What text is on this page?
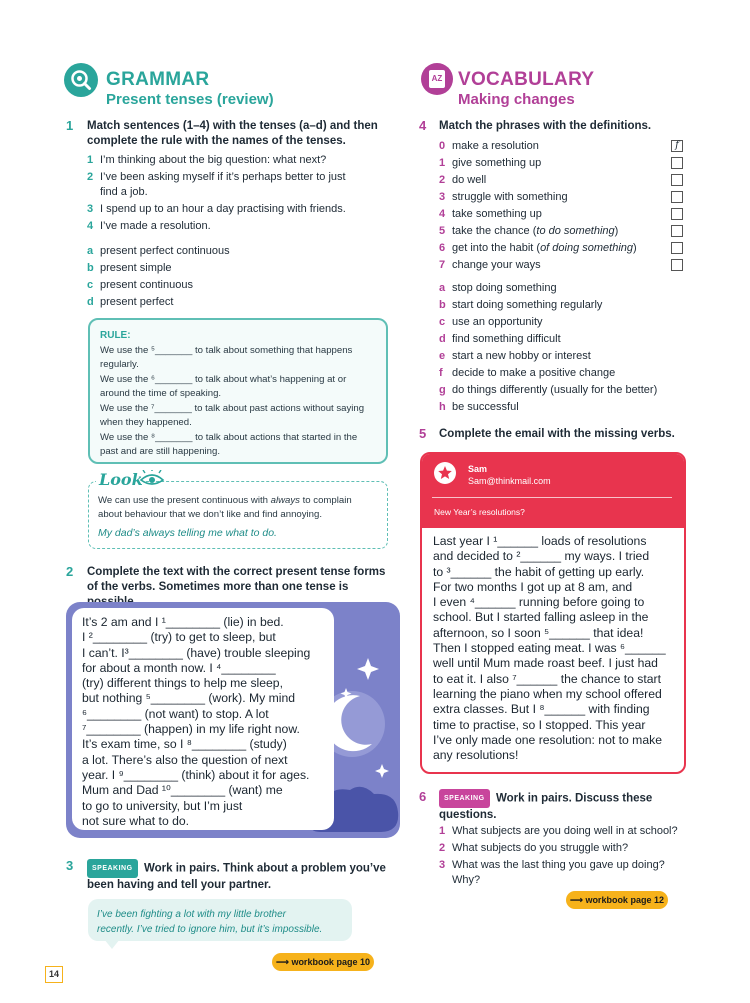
GRAMMAR
Present tenses (review)
1 Match sentences (1–4) with the tenses (a–d) and then
complete the rule with the names of the tenses.
1 I’m thinking about the big question: what next?
2 I’ve been asking myself if it’s perhaps better to just
find a job.
3 I spend up to an hour a day practising with friends.
4 I’ve made a resolution.
a present perfect continuous
b present simple
c present continuous
d present perfect
RULE:
We use the ⁵_______ to talk about something that happens
regularly.
We use the ⁶_______ to talk about what’s happening at or
around the time of speaking.
We use the ⁷_______ to talk about past actions without saying
when they happened.
We use the ⁸_______ to talk about actions that started in the
past and are still happening.
Look
We can use the present continuous with always to complain
about behaviour that we don’t like and find annoying.
My dad’s always telling me what to do.
2 Complete the text with the correct present tense forms
of the verbs. Sometimes more than one tense is
It’s 2 am and I ¹________ (lie) in bed.
I ²________ (try) to get to sleep, but
I can’t. I³________ (have) trouble sleeping
for about a month now. I ⁴________
(try) different things to help me sleep,
but nothing ⁵________ (work). My mind
⁶________ (not want) to stop. A lot
⁷________ (happen) in my life right now.
It’s exam time, so I ⁸________ (study)
a lot. There’s also the question of next
year. I ⁹________ (think) about it for ages.
Mum and Dad ¹⁰________ (want) me
to go to university, but I’m just
not sure what to do.
3	SPEAKING Work in pairs. Think about a problem you’ve
been having and tell your partner.
I’ve been fighting a lot with my little brother
recently. I’ve tried to ignore him, but it’s impossible.
⟶ workbook page 10
14
AZ VOCABULARY
Making changes
4 Match the phrases with the definitions.
0 make a resolution	f
1 give something up
2 do well
3 struggle with something
4 take something up
5 take the chance (to do something)
6 get into the habit (of doing something)
7 change your ways
a stop doing something
b start doing something regularly
c use an opportunity
d find something difficult
e start a new hobby or interest
f decide to make a positive change
g do things differently (usually for the better)
h be successful
5 Complete the email with the missing verbs.
Sam
Sam@thinkmail.com
New Year’s resolutions?
Last year I ¹______ loads of resolutions
and decided to ²______ my ways. I tried
to ³______ the habit of getting up early.
For two months I got up at 8 am, and
I even ⁴______ running before going to
school. But I started falling asleep in the
afternoon, so I soon ⁵______ that idea!
Then I stopped eating meat. I was ⁶______
well until Mum made roast beef. I just had
to eat it. I also ⁷______ the chance to start
learning the piano when my school offered
extra classes. But I ⁸______ with finding
time to practise, so I stopped. This year
I’ve only made one resolution: not to make
any resolutions!
6	SPEAKING Work in pairs. Discuss these
questions.
1 What subjects are you doing well in at school?
2 What subjects do you struggle with?
3 What was the last thing you gave up doing?
Why?
⟶ workbook page 12
